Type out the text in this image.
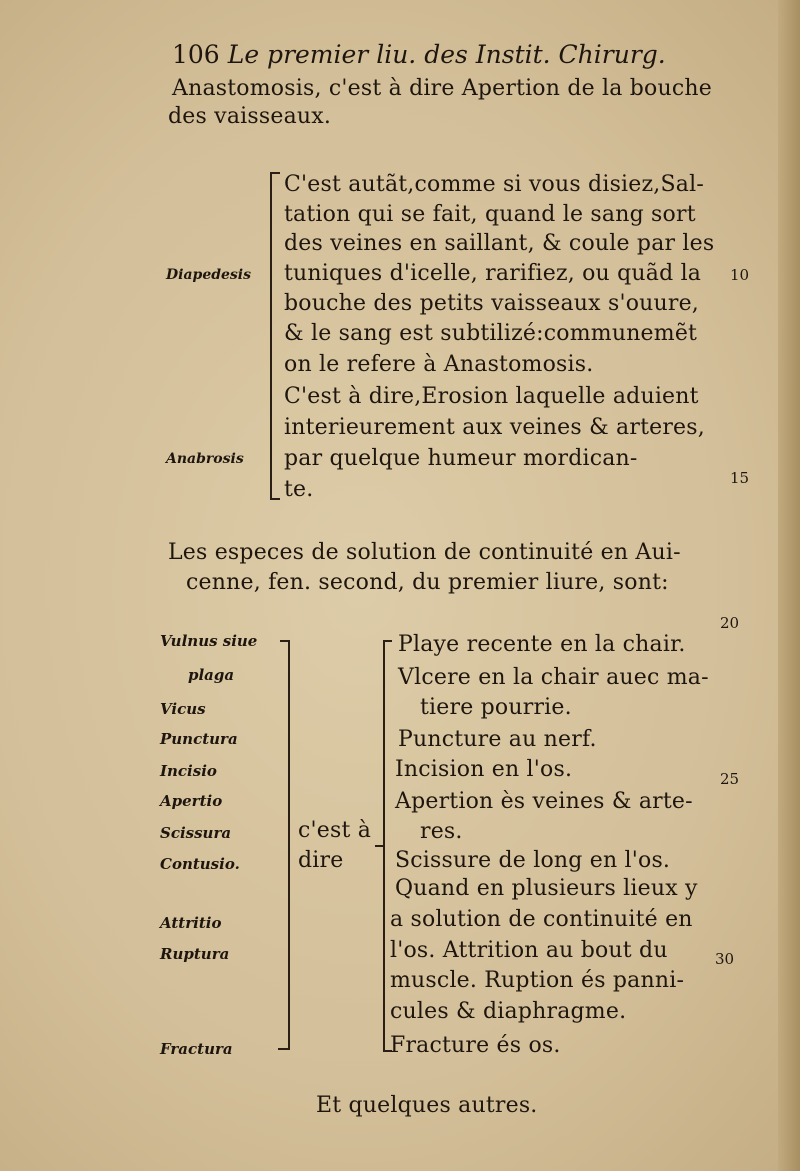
106 Le premier liu. des Instit. Chirurg.
Anastomosis, c'est à dire Apertion de la bouche
des vaisseaux.
C'est autãt,comme si vous disiez,Sal-
tation qui se fait, quand le sang sort
des veines en saillant, & coule par les
tuniques d'icelle, rarifiez, ou quãd la
bouche des petits vaisseaux s'ouure,
& le sang est subtilizé:communemẽt
on le refere à Anastomosis.
C'est à dire,Erosion laquelle aduient
interieurement aux veines & arteres,
par quelque humeur mordican-
te.
Diapedesis
Anabrosis
10
15
20
25
30
Les especes de solution de continuité en Aui-
cenne, fen. second, du premier liure, sont:
Vulnus siue
plaga
Vicus
Punctura
Incisio
Apertio
Scissura
Contusio.
Attritio
Ruptura
Fractura
c'est à
dire
Playe recente en la chair.
Vlcere en la chair auec ma-
tiere pourrie.
Puncture au nerf.
Incision en l'os.
Apertion ès veines & arte-
res.
Scissure de long en l'os.
Quand en plusieurs lieux y
a solution de continuité en
l'os. Attrition au bout du
muscle. Ruption és panni-
cules & diaphragme.
Fracture és os.
Et quelques autres.
